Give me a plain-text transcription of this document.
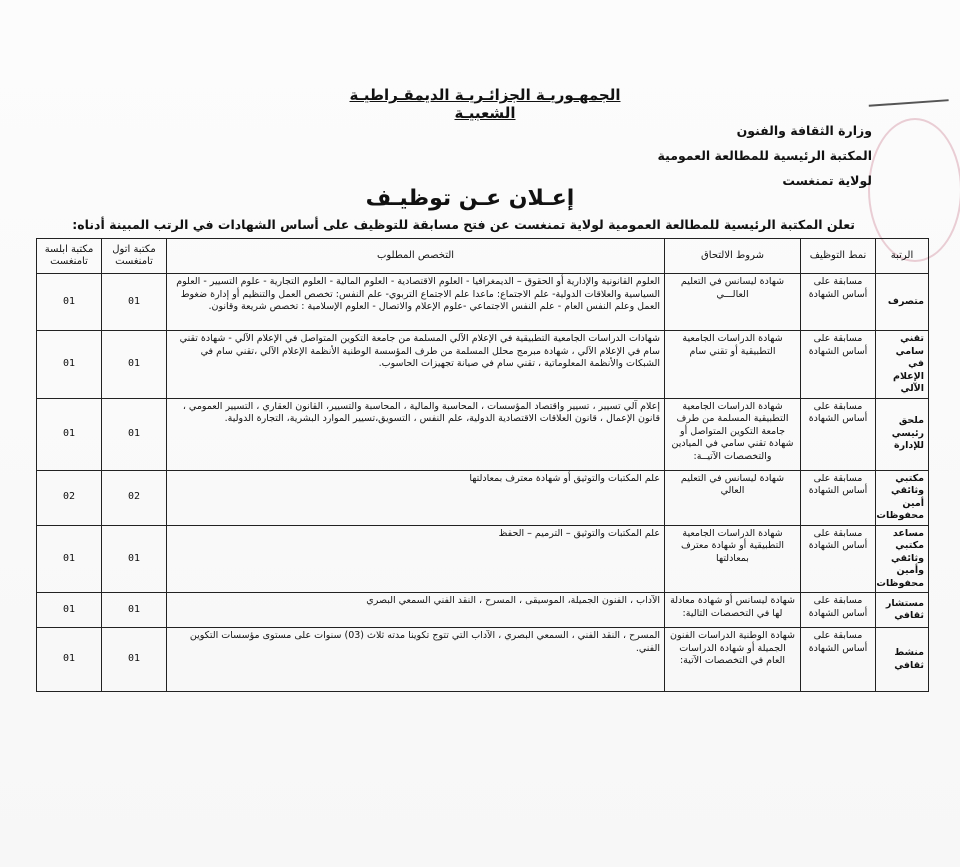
الجمهـوريـة الجزائـريـة الديمقـراطيـة الشعبيـة
وزارة الثقافة والفنون
المكتبة الرئيسية للمطالعة العمومية
لولاية تمنغست
إعـلان عـن توظيـف
تعلن المكتبة الرئيسية للمطالعة العمومية لولاية تمنغست عن فتح مسابقة للتوظيف على أساس الشهادات في الرتب المبينة أدناه:
الرتبة	نمط التوظيف	شروط الالتحاق	التخصص المطلوب	مكتبة اتول تامنغست	مكتبة ابلسة تامنغست
متصرف	مسابقة على أساس الشهادة	شهادة ليسانس في التعليم العالـــي	العلوم القانونية والإدارية أو الحقوق – الديمغرافيا - العلوم الاقتصادية - العلوم المالية - العلوم التجارية - علوم التسيير - العلوم السياسية والعلاقات الدولية- علم الاجتماع: ماعدا علم الاجتماع التربوي- علم النفس: تخصص العمل والتنظيم أو إدارة ضغوط العمل وعلم النفس العام - علم النفس الاجتماعي -علوم الإعلام والاتصال - العلوم الإسلامية : تخصص شريعة وقانون.	01	01
تقني سامي في الإعلام الآلي	مسابقة على أساس الشهادة	شهادة الدراسات الجامعية التطبيقية أو تقني سام	شهادات الدراسات الجامعية التطبيقية في الإعلام الآلي المسلمة من جامعة التكوين المتواصل في الإعلام الآلي - شهادة تقني سام في الإعلام الآلي ، شهادة مبرمج محلل المسلمة من طرف المؤسسة الوطنية الأنظمة الإعلام الآلي ،تقني سام في الشبكات والأنظمة المعلوماتية ، تقني سام في صيانة تجهيزات الحاسوب.	01	01
ملحق رئيسي للإدارة	مسابقة على أساس الشهادة	شهادة الدراسات الجامعية التطبيقية المسلمة من طرف جامعة التكوين المتواصل أو شهادة تقني سامي في الميادين والتخصصات الآتيــة:	إعلام آلي تسيير ، تسيير واقتصاد المؤسسات ، المحاسبة والمالية ، المحاسبة والتسيير، القانون العقاري ، التسيير العمومي ، قانون الإعمال ، قانون العلاقات الاقتصادية الدولية، علم النفس ، التسويق،تسيير الموارد البشرية، التجارة الدولية.	01	01
مكتبي وثائقي أمين محفوظات	مسابقة على أساس الشهادة	شهادة ليسانس في التعليم العالي	علم المكتبات والتوثيق أو شهادة معترف بمعادلتها	02	02
مساعد مكتبي وثائقي وأمين محفوظات	مسابقة على أساس الشهادة	شهادة الدراسات الجامعية التطبيقية أو شهادة معترف بمعادلتها	علم المكتبات والتوثيق – الترميم – الحفظ	01	01
مستشار ثقافي	مسابقة على أساس الشهادة	شهادة ليسانس أو شهادة معادلة لها في التخصصات التالية:	الآداب ، الفنون الجميلة، الموسيقى ، المسرح ، النقد الفني السمعي البصري	01	01
منشط ثقافي	مسابقة على أساس الشهادة	شهادة الوطنية الدراسات الفنون الجميلة أو شهادة الدراسات العام في التخصصات الآتية:	المسرح ، النقد الفني ، السمعي البصري ، الآداب التي تتوج تكوينا مدته ثلاث (03) سنوات على مستوى مؤسسات التكوين الفني.	01	01
